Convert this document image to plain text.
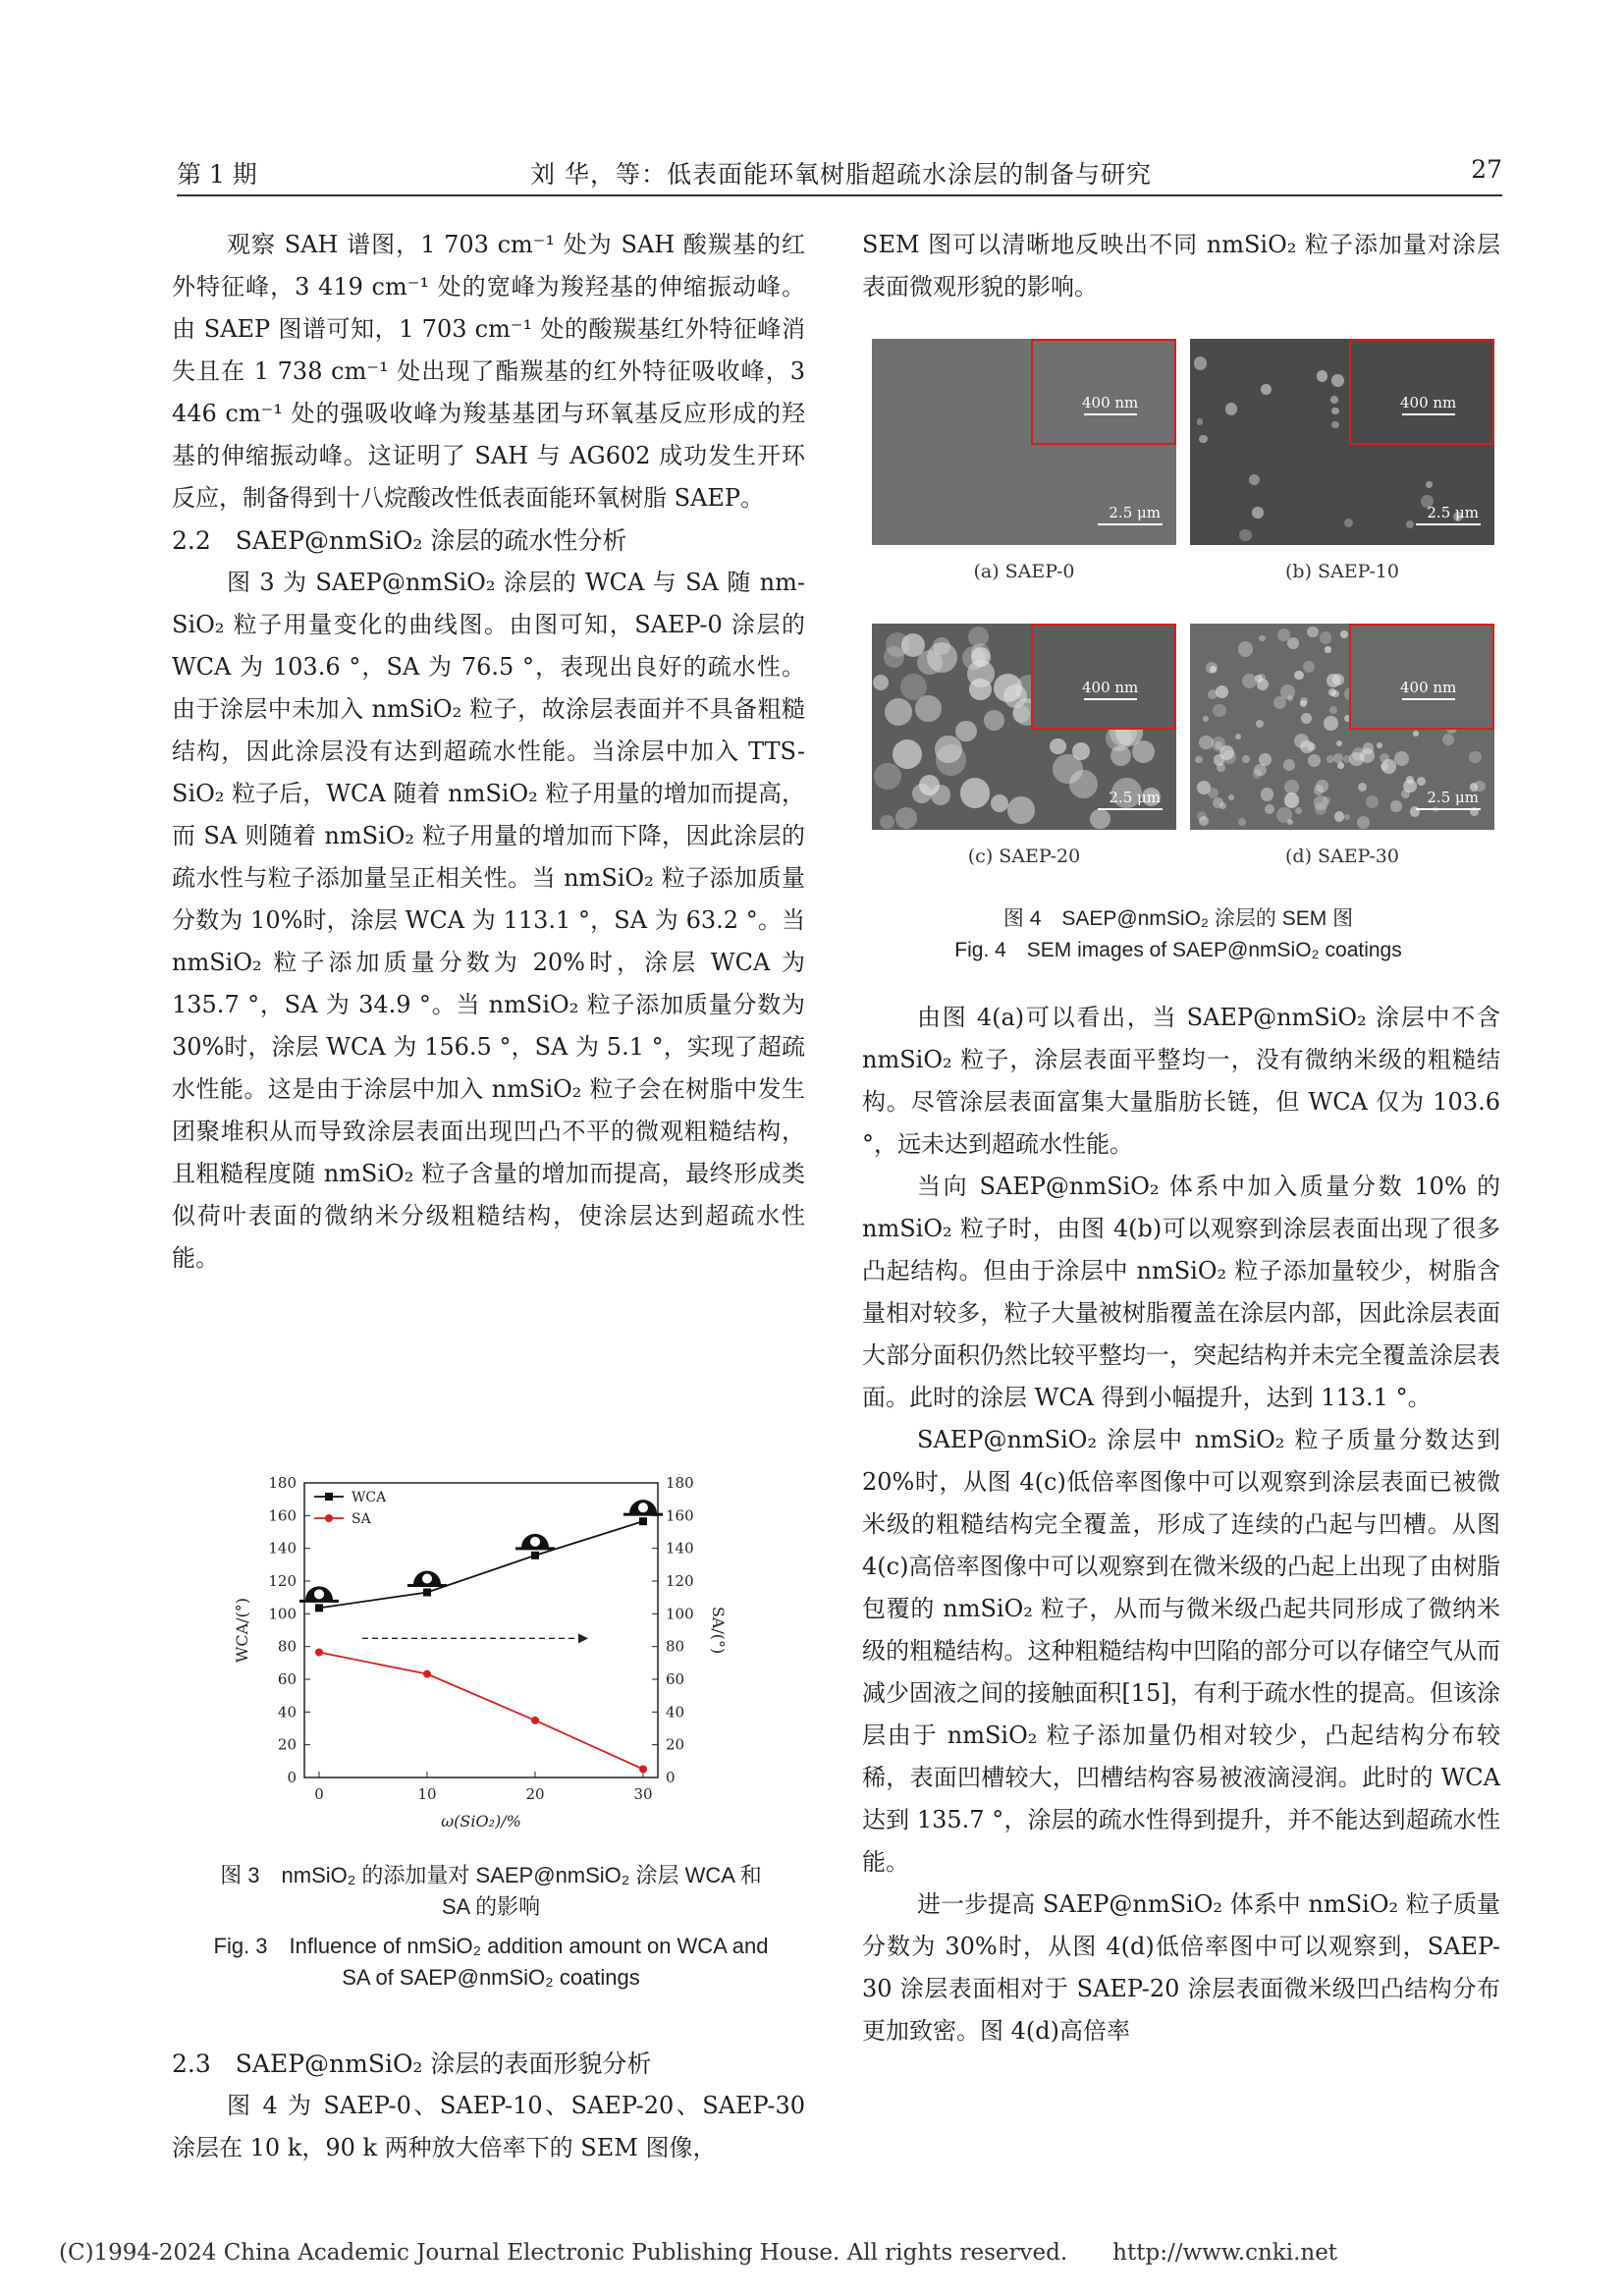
第 1 期	刘 华，等：低表面能环氧树脂超疏水涂层的制备与研究	27

观察 SAH 谱图，1 703 cm⁻¹ 处为 SAH 酸羰基的红外特征峰，3 419 cm⁻¹ 处的宽峰为羧羟基的伸缩振动峰。由 SAEP 图谱可知，1 703 cm⁻¹ 处的酸羰基红外特征峰消失且在 1 738 cm⁻¹ 处出现了酯羰基的红外特征吸收峰，3 446 cm⁻¹ 处的强吸收峰为羧基基团与环氧基反应形成的羟基的伸缩振动峰。这证明了 SAH 与 AG602 成功发生开环反应，制备得到十八烷酸改性低表面能环氧树脂 SAEP。

2.2　SAEP@nmSiO₂ 涂层的疏水性分析

图 3 为 SAEP@nmSiO₂ 涂层的 WCA 与 SA 随 nm-SiO₂ 粒子用量变化的曲线图。由图可知，SAEP-0 涂层的 WCA 为 103.6 °，SA 为 76.5 °，表现出良好的疏水性。由于涂层中未加入 nmSiO₂ 粒子，故涂层表面并不具备粗糙结构，因此涂层没有达到超疏水性能。当涂层中加入 TTS-SiO₂ 粒子后，WCA 随着 nmSiO₂ 粒子用量的增加而提高，而 SA 则随着 nmSiO₂ 粒子用量的增加而下降，因此涂层的疏水性与粒子添加量呈正相关性。当 nmSiO₂ 粒子添加质量分数为 10%时，涂层 WCA 为 113.1 °，SA 为 63.2 °。当 nmSiO₂ 粒子添加质量分数为 20%时，涂层 WCA 为 135.7 °，SA 为 34.9 °。当 nmSiO₂ 粒子添加质量分数为 30%时，涂层 WCA 为 156.5 °，SA 为 5.1 °，实现了超疏水性能。这是由于涂层中加入 nmSiO₂ 粒子会在树脂中发生团聚堆积从而导致涂层表面出现凹凸不平的微观粗糙结构，且粗糙程度随 nmSiO₂ 粒子含量的增加而提高，最终形成类似荷叶表面的微纳米分级粗糙结构，使涂层达到超疏水性能。

0	0
20	20
40	40
60	60
80	80
100	100
120	120
140	140
160	160
180	180
0	10	20	30
ω(SiO₂)/%
WCA/(°)	SA/(°)
WCA
SA
图 3　nmSiO₂ 的添加量对 SAEP@nmSiO₂ 涂层 WCA 和
SA 的影响
Fig. 3　Influence of nmSiO₂ addition amount on WCA and
SA of SAEP@nmSiO₂ coatings

2.3　SAEP@nmSiO₂ 涂层的表面形貌分析

图 4 为 SAEP-0、SAEP-10、SAEP-20、SAEP-30 涂层在 10 k，90 k 两种放大倍率下的 SEM 图像，

SEM 图可以清晰地反映出不同 nmSiO₂ 粒子添加量对涂层表面微观形貌的影响。

400 nm
2.5 μm
(a) SAEP-0
400 nm
2.5 μm
(b) SAEP-10
400 nm
2.5 μm
(c) SAEP-20
400 nm
2.5 μm
(d) SAEP-30
图 4　SAEP@nmSiO₂ 涂层的 SEM 图
Fig. 4　SEM images of SAEP@nmSiO₂ coatings

由图 4(a)可以看出，当 SAEP@nmSiO₂ 涂层中不含 nmSiO₂ 粒子，涂层表面平整均一，没有微纳米级的粗糙结构。尽管涂层表面富集大量脂肪长链，但 WCA 仅为 103.6 °，远未达到超疏水性能。

当向 SAEP@nmSiO₂ 体系中加入质量分数 10% 的 nmSiO₂ 粒子时，由图 4(b)可以观察到涂层表面出现了很多凸起结构。但由于涂层中 nmSiO₂ 粒子添加量较少，树脂含量相对较多，粒子大量被树脂覆盖在涂层内部，因此涂层表面大部分面积仍然比较平整均一，突起结构并未完全覆盖涂层表面。此时的涂层 WCA 得到小幅提升，达到 113.1 °。

SAEP@nmSiO₂ 涂层中 nmSiO₂ 粒子质量分数达到 20%时，从图 4(c)低倍率图像中可以观察到涂层表面已被微米级的粗糙结构完全覆盖，形成了连续的凸起与凹槽。从图 4(c)高倍率图像中可以观察到在微米级的凸起上出现了由树脂包覆的 nmSiO₂ 粒子，从而与微米级凸起共同形成了微纳米级的粗糙结构。这种粗糙结构中凹陷的部分可以存储空气从而减少固液之间的接触面积[15]，有利于疏水性的提高。但该涂层由于 nmSiO₂ 粒子添加量仍相对较少，凸起结构分布较稀，表面凹槽较大，凹槽结构容易被液滴浸润。此时的 WCA 达到 135.7 °，涂层的疏水性得到提升，并不能达到超疏水性能。

进一步提高 SAEP@nmSiO₂ 体系中 nmSiO₂ 粒子质量分数为 30%时，从图 4(d)低倍率图中可以观察到，SAEP-30 涂层表面相对于 SAEP-20 涂层表面微米级凹凸结构分布更加致密。图 4(d)高倍率

(C)1994-2024 China Academic Journal Electronic Publishing House. All rights reserved.　　http://www.cnki.net
